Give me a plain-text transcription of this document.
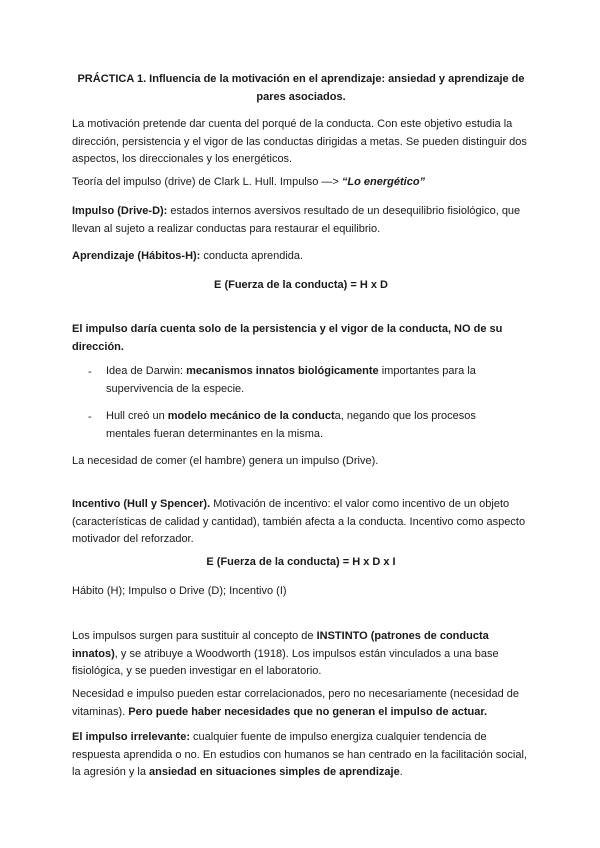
PRÁCTICA 1. Influencia de la motivación en el aprendizaje: ansiedad y aprendizaje de pares asociados.

La motivación pretende dar cuenta del porqué de la conducta. Con este objetivo estudia la dirección, persistencia y el vigor de las conductas dirigidas a metas. Se pueden distinguir dos aspectos, los direccionales y los energéticos.

Teoría del impulso (drive) de Clark L. Hull. Impulso —> “Lo energético”

Impulso (Drive-D): estados internos aversivos resultado de un desequilibrio fisiológico, que llevan al sujeto a realizar conductas para restaurar el equilibrio.

Aprendizaje (Hábitos-H): conducta aprendida.

E (Fuerza de la conducta) = H x D

El impulso daría cuenta solo de la persistencia y el vigor de la conducta, NO de su dirección.

- Idea de Darwin: mecanismos innatos biológicamente importantes para la supervivencia de la especie.

- Hull creó un modelo mecánico de la conducta, negando que los procesos mentales fueran determinantes en la misma.

La necesidad de comer (el hambre) genera un impulso (Drive).

Incentivo (Hull y Spencer). Motivación de incentivo: el valor como incentivo de un objeto (características de calidad y cantidad), también afecta a la conducta. Incentivo como aspecto motivador del reforzador.

E (Fuerza de la conducta) = H x D x I

Hábito (H); Impulso o Drive (D); Incentivo (I)

Los impulsos surgen para sustituir al concepto de INSTINTO (patrones de conducta innatos), y se atribuye a Woodworth (1918). Los impulsos están vinculados a una base fisiológica, y se pueden investigar en el laboratorio.

Necesidad e impulso pueden estar correlacionados, pero no necesariamente (necesidad de vitaminas). Pero puede haber necesidades que no generan el impulso de actuar.

El impulso irrelevante: cualquier fuente de impulso energiza cualquier tendencia de respuesta aprendida o no. En estudios con humanos se han centrado en la facilitación social, la agresión y la ansiedad en situaciones simples de aprendizaje.
